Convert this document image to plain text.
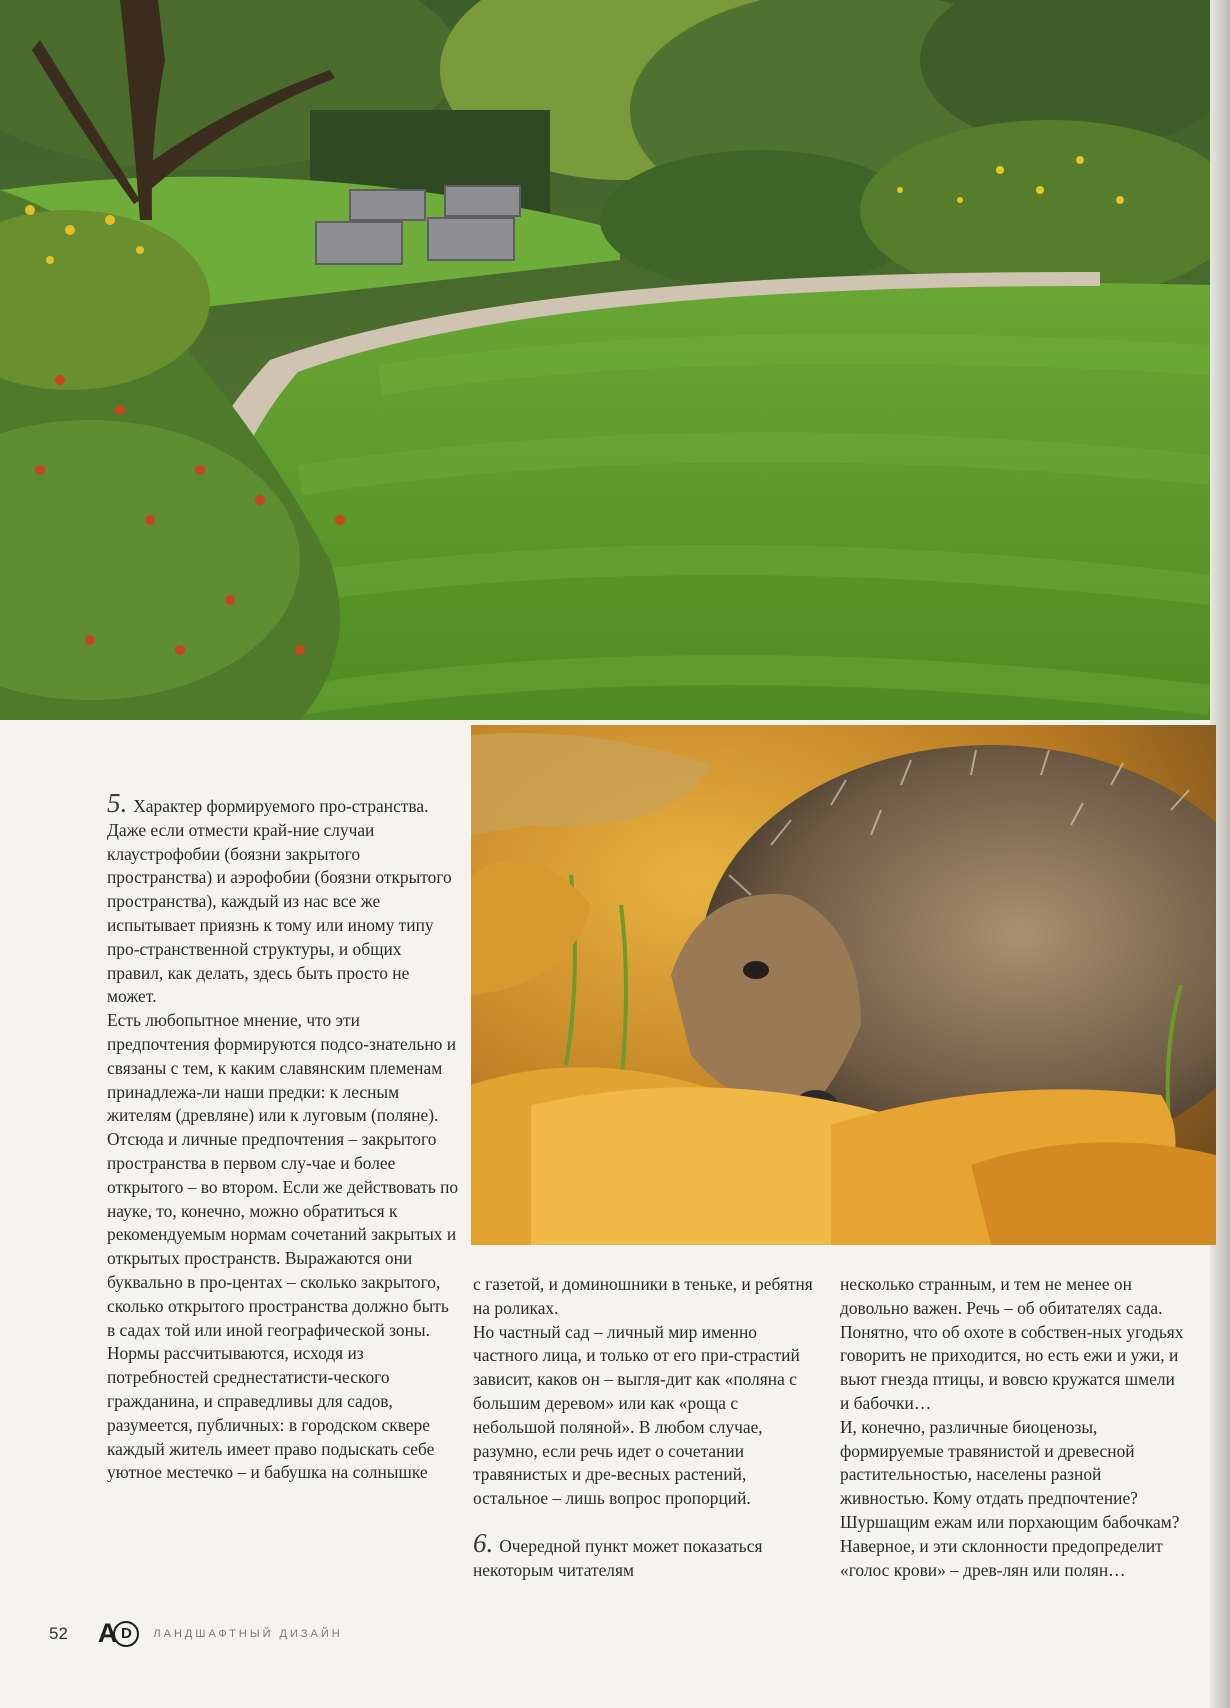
5. Характер формируемого про-странства. Даже если отмести край-ние случаи клаустрофобии (боязни закрытого пространства) и аэрофобии (боязни открытого пространства), каждый из нас все же испытывает приязнь к тому или иному типу про-странственной структуры, и общих правил, как делать, здесь быть просто не может.

Есть любопытное мнение, что эти предпочтения формируются подсо-знательно и связаны с тем, к каким славянским племенам принадлежа-ли наши предки: к лесным жителям (древляне) или к луговым (поляне). Отсюда и личные предпочтения – закрытого пространства в первом слу-чае и более открытого – во втором. Если же действовать по науке, то, конечно, можно обратиться к рекомендуемым нормам сочетаний закрытых и открытых пространств. Выражаются они буквально в про-центах – сколько закрытого, сколько открытого пространства должно быть в садах той или иной географической зоны. Нормы рассчитываются, исходя из потребностей среднестатисти-ческого гражданина, и справедливы для садов, разумеется, публичных: в городском сквере каждый житель имеет право подыскать себе уютное местечко – и бабушка на солнышке

с газетой, и доминошники в теньке, и ребятня на роликах.

Но частный сад – личный мир именно частного лица, и только от его при-страстий зависит, каков он – выгля-дит как «поляна с большим деревом» или как «роща с небольшой поляной». В любом случае, разумно, если речь идет о сочетании травянистых и дре-весных растений, остальное – лишь вопрос пропорций.

6. Очередной пункт может показаться некоторым читателям

несколько странным, и тем не менее он довольно важен. Речь – об обитателях сада. Понятно, что об охоте в собствен-ных угодьях говорить не приходится, но есть ежи и ужи, и вьют гнезда птицы, и вовсю кружатся шмели и бабочки…

И, конечно, различные биоценозы, формируемые травянистой и древесной растительностью, населены разной живностью. Кому отдать предпочтение? Шуршащим ежам или порхающим бабочкам? Наверное, и эти склонности предопределит «голос крови» – древ-лян или полян…

52 A D	ЛАНДШАФТНЫЙ ДИЗАЙН
